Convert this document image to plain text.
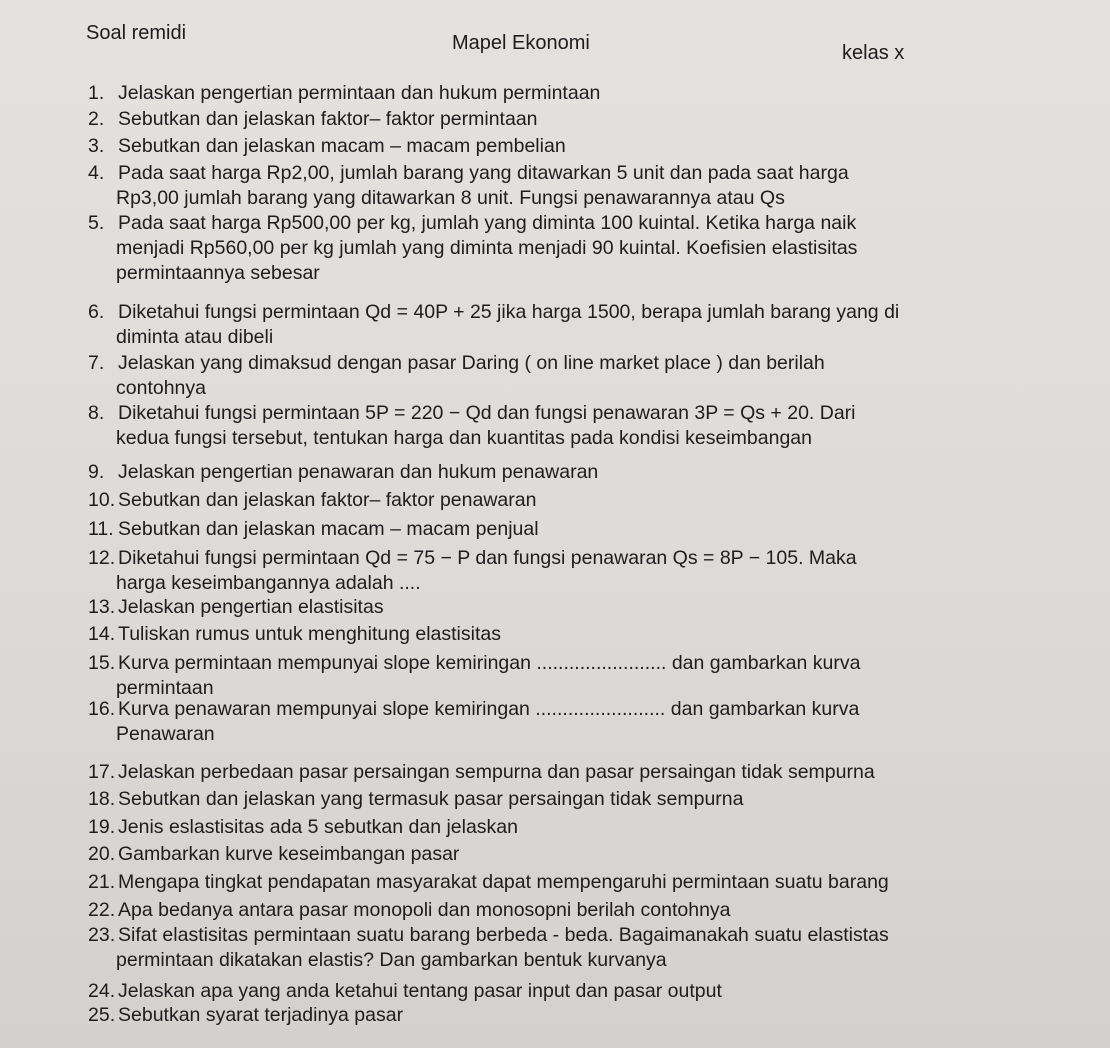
Soal remidi	Mapel Ekonomi	kelas x
1. Jelaskan pengertian permintaan dan hukum permintaan
2. Sebutkan dan jelaskan faktor– faktor permintaan
3. Sebutkan dan jelaskan macam – macam pembelian
4. Pada saat harga Rp2,00, jumlah barang yang ditawarkan 5 unit dan pada saat harga
Rp3,00 jumlah barang yang ditawarkan 8 unit. Fungsi penawarannya atau Qs
5. Pada saat harga Rp500,00 per kg, jumlah yang diminta 100 kuintal. Ketika harga naik
menjadi Rp560,00 per kg jumlah yang diminta menjadi 90 kuintal. Koefisien elastisitas
permintaannya sebesar
6. Diketahui fungsi permintaan Qd = 40P + 25 jika harga 1500, berapa jumlah barang yang di
diminta atau dibeli
7. Jelaskan yang dimaksud dengan pasar Daring ( on line market place ) dan berilah
contohnya
8. Diketahui fungsi permintaan 5P = 220 − Qd dan fungsi penawaran 3P = Qs + 20. Dari
kedua fungsi tersebut, tentukan harga dan kuantitas pada kondisi keseimbangan
9. Jelaskan pengertian penawaran dan hukum penawaran
10. Sebutkan dan jelaskan faktor– faktor penawaran
11. Sebutkan dan jelaskan macam – macam penjual
12. Diketahui fungsi permintaan Qd = 75 − P dan fungsi penawaran Qs = 8P − 105. Maka
harga keseimbangannya adalah ....
13. Jelaskan pengertian elastisitas
14. Tuliskan rumus untuk menghitung elastisitas
15. Kurva permintaan mempunyai slope kemiringan ........................ dan gambarkan kurva
permintaan
16. Kurva penawaran mempunyai slope kemiringan ........................ dan gambarkan kurva
Penawaran
17. Jelaskan perbedaan pasar persaingan sempurna dan pasar persaingan tidak sempurna
18. Sebutkan dan jelaskan yang termasuk pasar persaingan tidak sempurna
19. Jenis eslastisitas ada 5 sebutkan dan jelaskan
20. Gambarkan kurve keseimbangan pasar
21. Mengapa tingkat pendapatan masyarakat dapat mempengaruhi permintaan suatu barang
22. Apa bedanya antara pasar monopoli dan monosopni berilah contohnya
23. Sifat elastisitas permintaan suatu barang berbeda - beda. Bagaimanakah suatu elastistas
permintaan dikatakan elastis? Dan gambarkan bentuk kurvanya
24. Jelaskan apa yang anda ketahui tentang pasar input dan pasar output
25. Sebutkan syarat terjadinya pasar
